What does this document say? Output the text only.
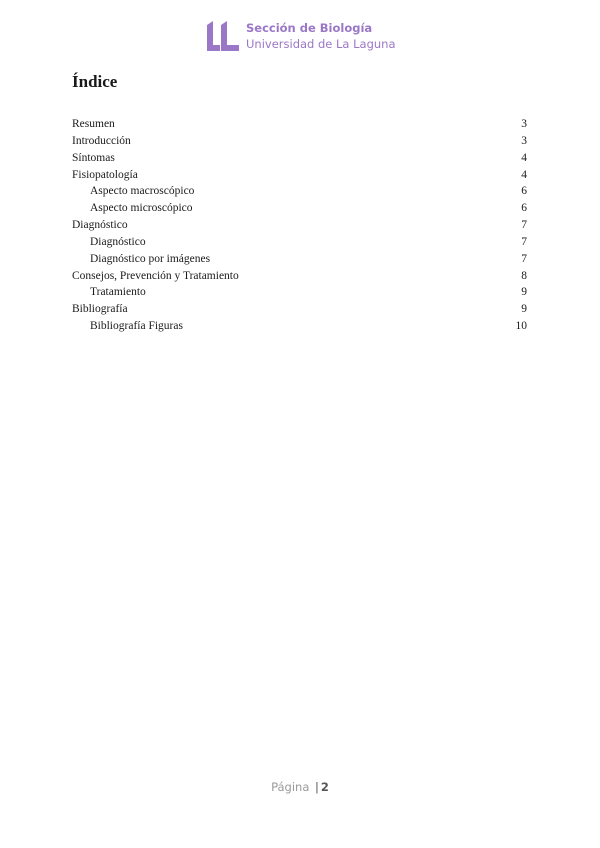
Sección de Biología
Universidad de La Laguna
Índice
Resumen	3
Introducción	3
Síntomas	4
Fisiopatología	4
Aspecto macroscópico	6
Aspecto microscópico	6
Diagnóstico	7
Diagnóstico	7
Diagnóstico por imágenes	7
Consejos, Prevención y Tratamiento	8
Tratamiento	9
Bibliografía	9
Bibliografía Figuras	10
Página | 2
